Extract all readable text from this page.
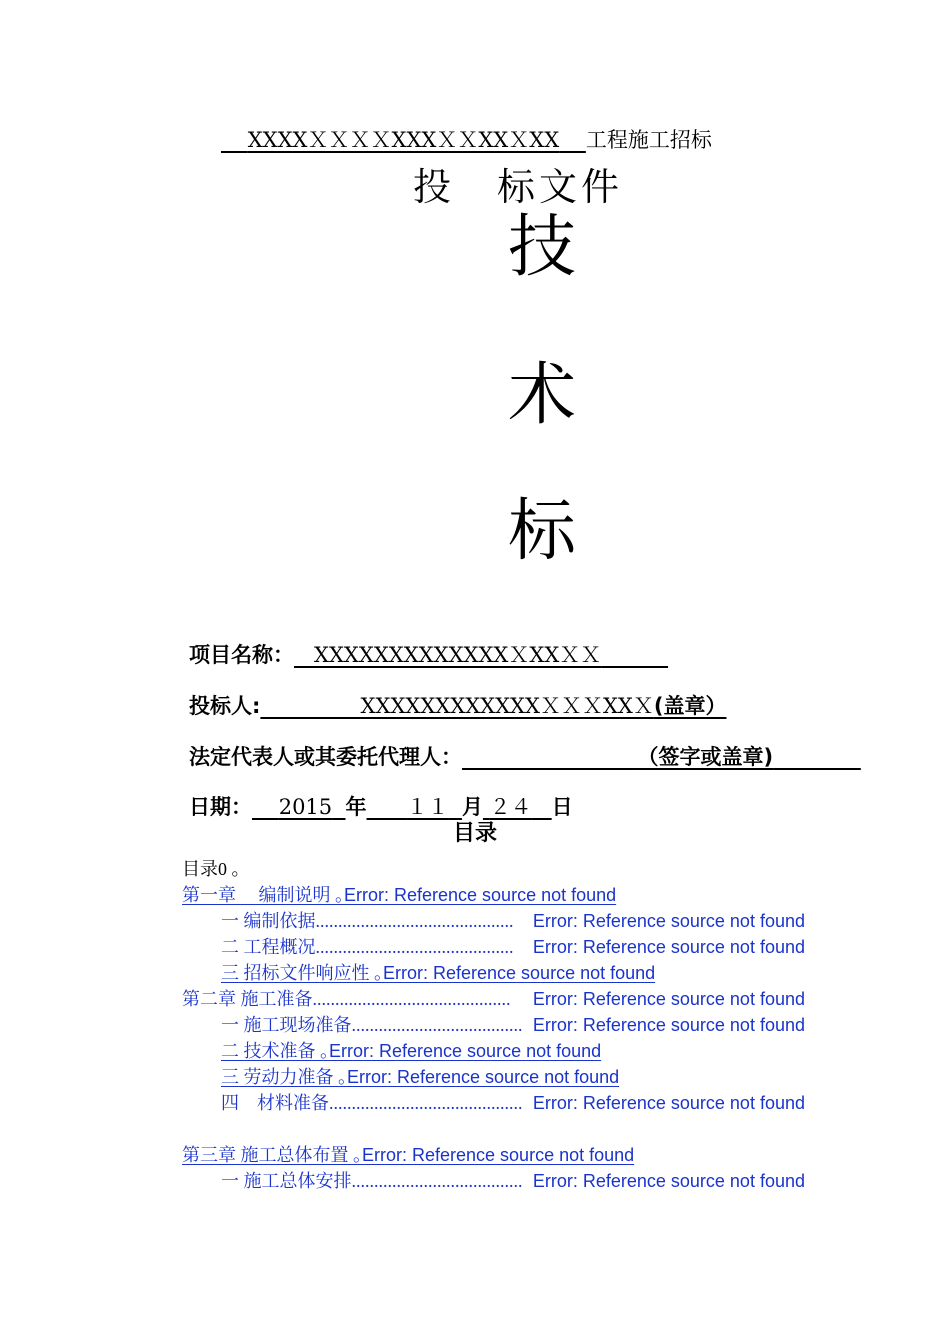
XXXXＸＸＸＸXXXＸＸXXＸXX 工程施工招标
投　标文件
技
术
标
项目名称： XXXXXXXXXXXXXＸXXＸＸ
投标人:	XXXXXXXXXXXXＸＸＸXXＸ(盖章）
法定代表人或其委托代理人：	（签字或盖章)
日期： 2015 年 １１ 月 ２４ 日
目录
目录0 ｡
第一章　 编制说明 ｡Error: Reference source not found
一 编制依据............................................ Error: Reference source not found
二 工程概况............................................ Error: Reference source not found
三 招标文件响应性 ｡Error: Reference source not found
第二章 施工准备............................................ Error: Reference source not found
一 施工现场准备...................................... Error: Reference source not found
二 技术准备 ｡Error: Reference source not found
三 劳动力准备 ｡Error: Reference source not found
四　材料准备........................................... Error: Reference source not found
第三章 施工总体布置 ｡Error: Reference source not found
一 施工总体安排...................................... Error: Reference source not found
